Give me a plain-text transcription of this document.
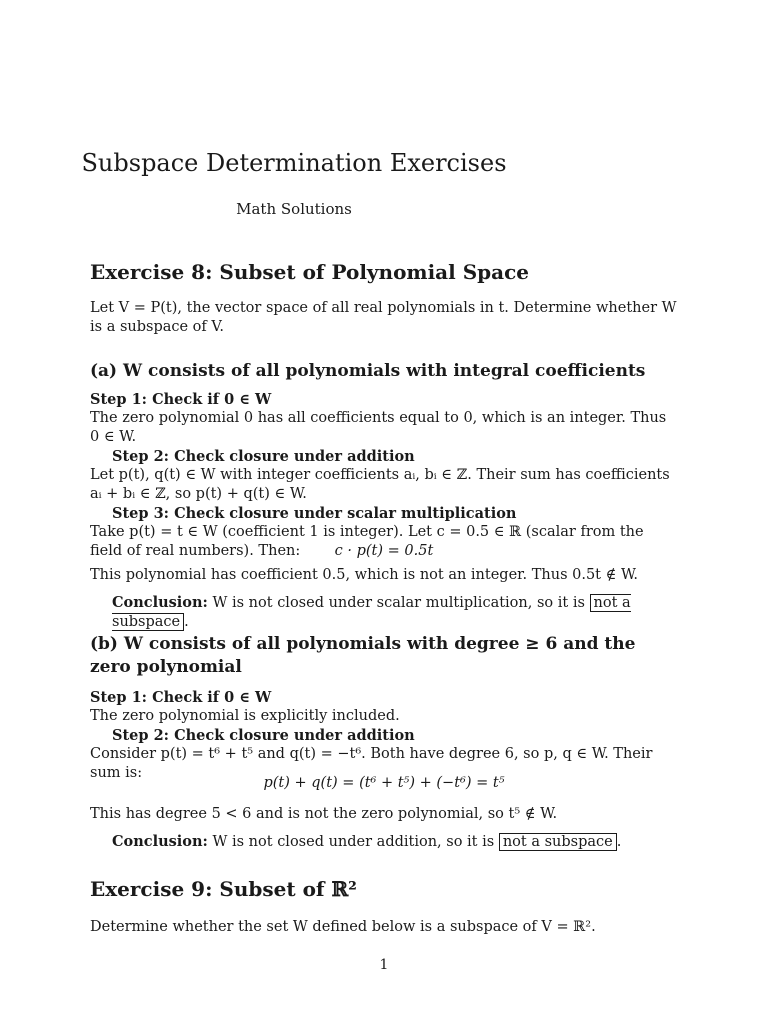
Subspace Determination Exercises
Math Solutions
Exercise 8: Subset of Polynomial Space

Let V = P(t), the vector space of all real polynomials in t. Determine whether W is a subspace of V.

(a) W consists of all polynomials with integral coefficients

Step 1: Check if 0 ∈ W

The zero polynomial 0 has all coefficients equal to 0, which is an integer. Thus 0 ∈ W.

Step 2: Check closure under addition

Let p(t), q(t) ∈ W with integer coefficients aᵢ, bᵢ ∈ ℤ. Their sum has coefficients aᵢ + bᵢ ∈ ℤ, so p(t) + q(t) ∈ W.

Step 3: Check closure under scalar multiplication

Take p(t) = t ∈ W (coefficient 1 is integer). Let c = 0.5 ∈ ℝ (scalar from the field of real numbers). Then:	c · p(t) = 0.5t

This polynomial has coefficient 0.5, which is not an integer. Thus 0.5t ∉ W.

Conclusion: W is not closed under scalar multiplication, so it is not a subspace .

(b) W consists of all polynomials with degree ≥ 6 and the zero polynomial

Step 1: Check if 0 ∈ W

The zero polynomial is explicitly included.

Step 2: Check closure under addition

Consider p(t) = t⁶ + t⁵ and q(t) = −t⁶. Both have degree 6, so p, q ∈ W. Their sum is:

p(t) + q(t) = (t⁶ + t⁵) + (−t⁶) = t⁵

This has degree 5 < 6 and is not the zero polynomial, so t⁵ ∉ W.

Conclusion: W is not closed under addition, so it is not a subspace .

Exercise 9: Subset of ℝ²

Determine whether the set W defined below is a subspace of V = ℝ².

1
